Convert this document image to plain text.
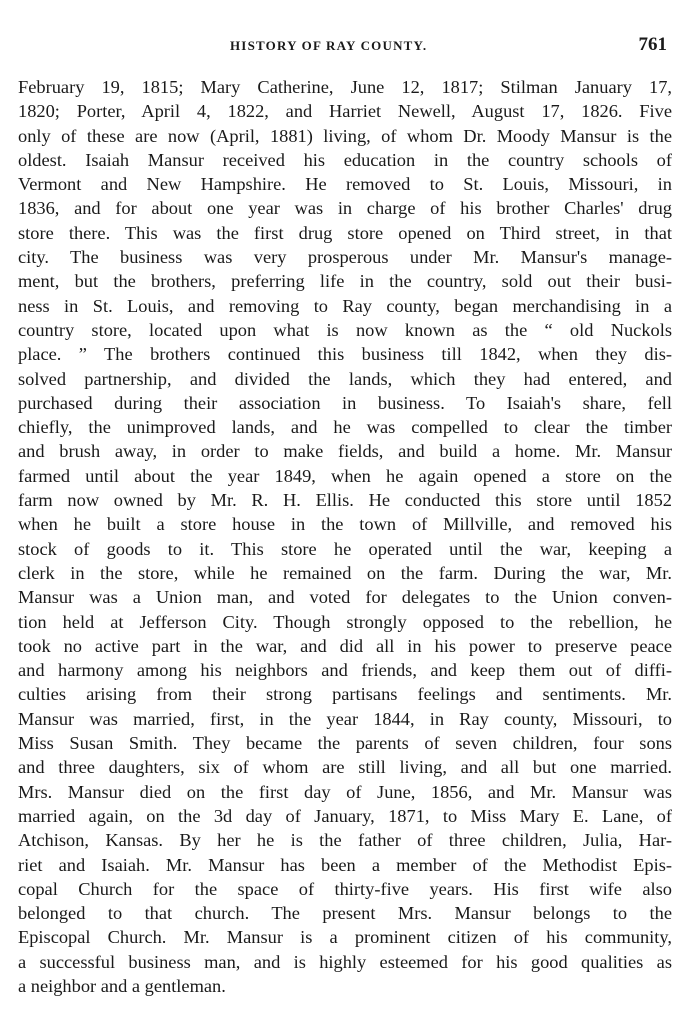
HISTORY OF RAY COUNTY.	761
February 19, 1815; Mary Catherine, June 12, 1817; Stilman January 17,
1820; Porter, April 4, 1822, and Harriet Newell, August 17, 1826. Five
only of these are now (April, 1881) living, of whom Dr. Moody Mansur is the
oldest. Isaiah Mansur received his education in the country schools of
Vermont and New Hampshire. He removed to St. Louis, Missouri, in
1836, and for about one year was in charge of his brother Charles' drug
store there. This was the first drug store opened on Third street, in that
city. The business was very prosperous under Mr. Mansur's manage-
ment, but the brothers, preferring life in the country, sold out their busi-
ness in St. Louis, and removing to Ray county, began merchandising in a
country store, located upon what is now known as the “ old Nuckols
place. ” The brothers continued this business till 1842, when they dis-
solved partnership, and divided the lands, which they had entered, and
purchased during their association in business. To Isaiah's share, fell
chiefly, the unimproved lands, and he was compelled to clear the timber
and brush away, in order to make fields, and build a home. Mr. Mansur
farmed until about the year 1849, when he again opened a store on the
farm now owned by Mr. R. H. Ellis. He conducted this store until 1852
when he built a store house in the town of Millville, and removed his
stock of goods to it. This store he operated until the war, keeping a
clerk in the store, while he remained on the farm. During the war, Mr.
Mansur was a Union man, and voted for delegates to the Union conven-
tion held at Jefferson City. Though strongly opposed to the rebellion, he
took no active part in the war, and did all in his power to preserve peace
and harmony among his neighbors and friends, and keep them out of diffi-
culties arising from their strong partisans feelings and sentiments. Mr.
Mansur was married, first, in the year 1844, in Ray county, Missouri, to
Miss Susan Smith. They became the parents of seven children, four sons
and three daughters, six of whom are still living, and all but one married.
Mrs. Mansur died on the first day of June, 1856, and Mr. Mansur was
married again, on the 3d day of January, 1871, to Miss Mary E. Lane, of
Atchison, Kansas. By her he is the father of three children, Julia, Har-
riet and Isaiah. Mr. Mansur has been a member of the Methodist Epis-
copal Church for the space of thirty-five years. His first wife also
belonged to that church. The present Mrs. Mansur belongs to the
Episcopal Church. Mr. Mansur is a prominent citizen of his community,
a successful business man, and is highly esteemed for his good qualities as
a neighbor and a gentleman.
